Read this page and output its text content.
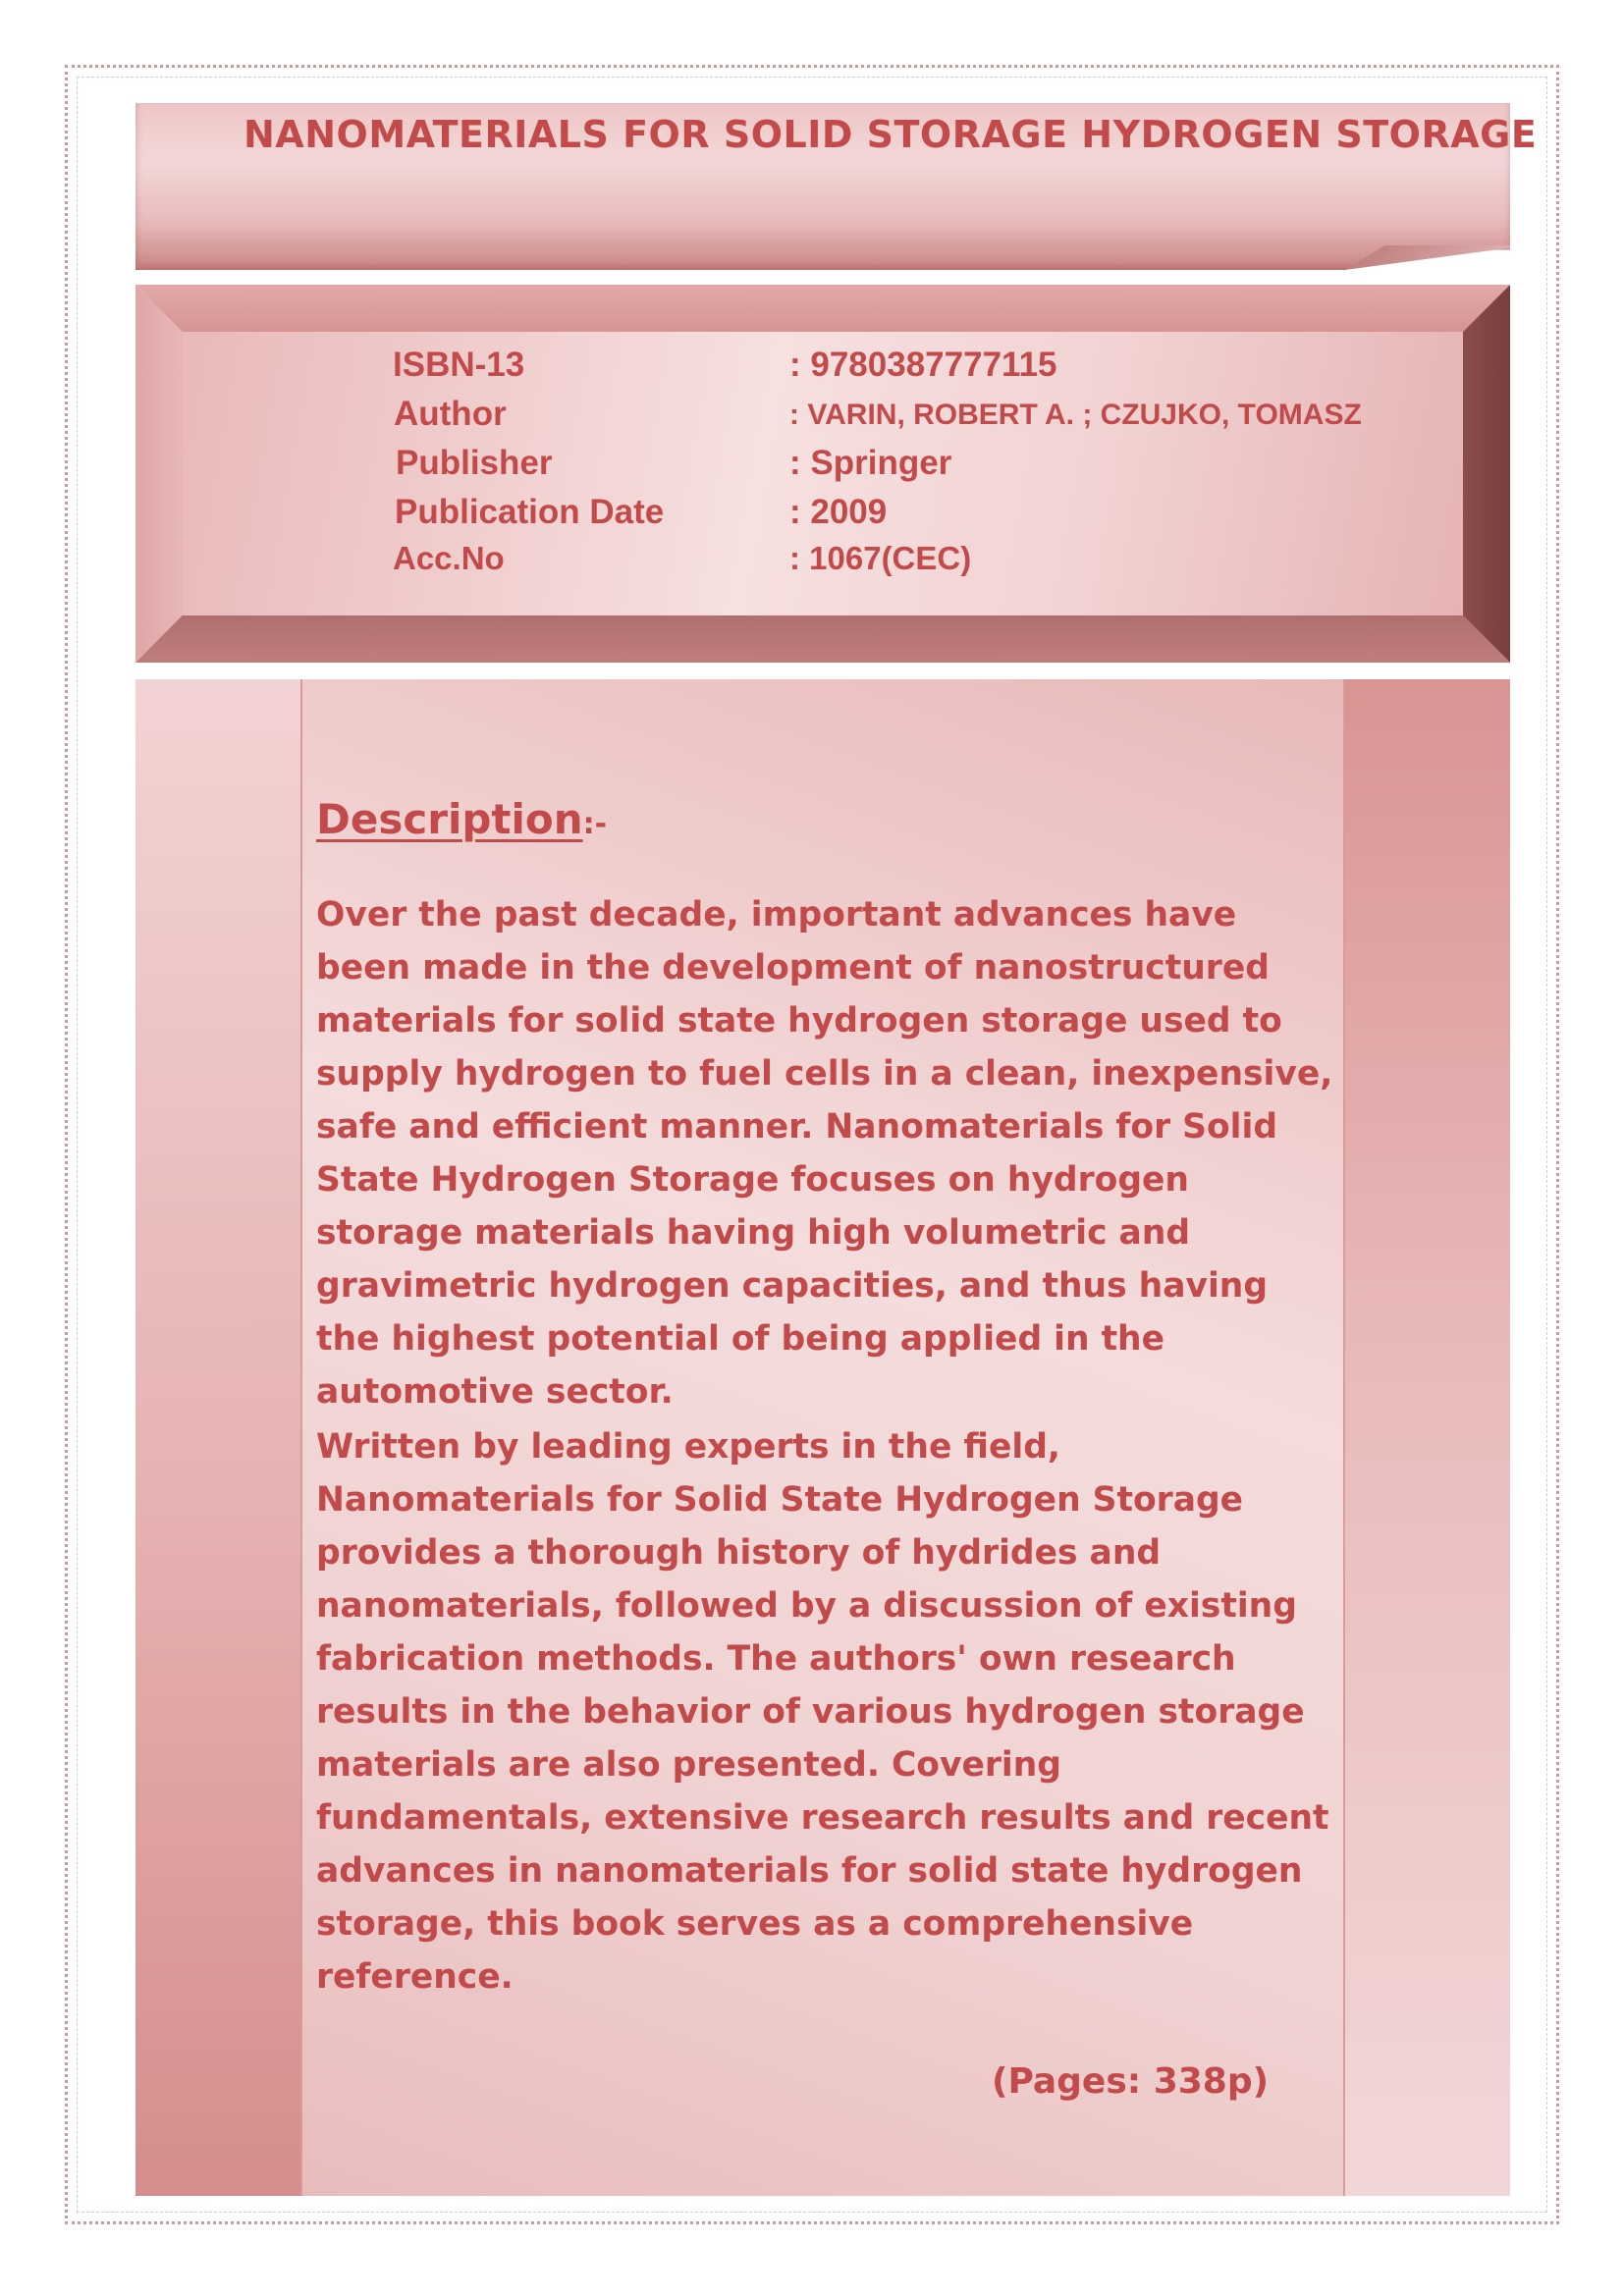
NANOMATERIALS FOR SOLID STORAGE HYDROGEN STORAGE
ISBN-13	: 9780387777115
Author	: VARIN, ROBERT A. ; CZUJKO, TOMASZ
Publisher	: Springer
Publication Date	: 2009
Acc.No	: 1067(CEC)
Description:-
Over the past decade, important advances have been made in the development of nanostructured materials for solid state hydrogen storage used to supply hydrogen to fuel cells in a clean, inexpensive, safe and efficient manner. Nanomaterials for Solid State Hydrogen Storage focuses on hydrogen storage materials having high volumetric and gravimetric hydrogen capacities, and thus having the highest potential of being applied in the automotive sector.
Written by leading experts in the field, Nanomaterials for Solid State Hydrogen Storage provides a thorough history of hydrides and nanomaterials, followed by a discussion of existing fabrication methods. The authors' own research results in the behavior of various hydrogen storage materials are also presented. Covering fundamentals, extensive research results and recent advances in nanomaterials for solid state hydrogen storage, this book serves as a comprehensive reference.
(Pages: 338p)
